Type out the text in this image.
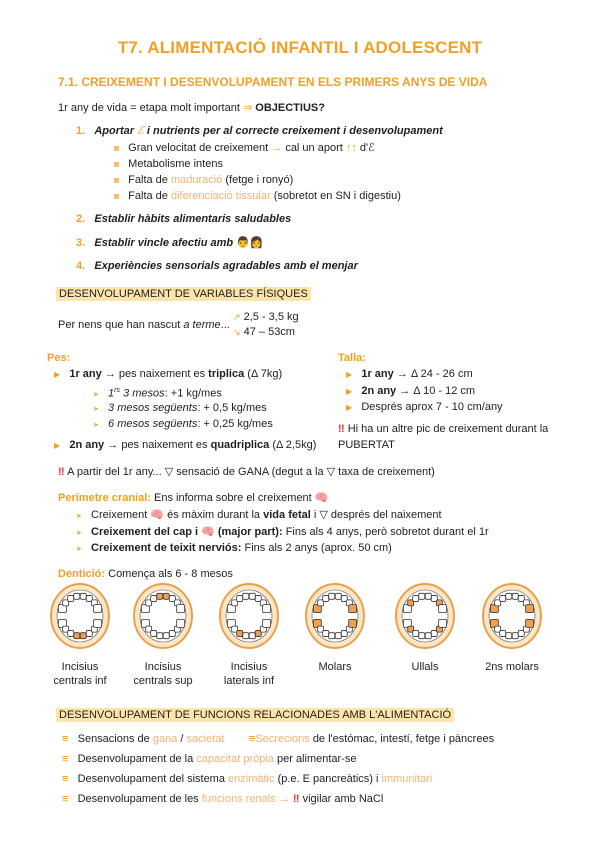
T7. ALIMENTACIÓ INFANTIL I ADOLESCENT
7.1. CREIXEMENT I DESENVOLUPAMENT EN ELS PRIMERS ANYS DE VIDA
1r any de vida = etapa molt important ⇒ OBJECTIUS?
1. Aportar ℰ i nutrients per al correcte creixement i desenvolupament
Gran velocitat de creixement → cal un aport ↑↑ d'ℰ
Metabolisme intens
Falta de maduració (fetge i ronyó)
Falta de diferenciació tissular (sobretot en SN i digestiu)
2. Establir hàbits alimentaris saludables
3. Establir vincle afectiu amb 👨👩
4. Experiències sensorials agradables amb el menjar
DESENVOLUPAMENT DE VARIABLES FÍSIQUES
Per nens que han nascut a terme...
↗ 2,5 - 3,5 kg
↘ 47 – 53cm
Pes:
▶ 1r any → pes naixement es triplica (Δ 7kg)
➤ $1^{rs}$ 3 mesos: +1 kg/mes
➤ 3 mesos següents: + 0,5 kg/mes
➤ 6 mesos següents: + 0,25 kg/mes
▶ 2n any → pes naixement es quadriplica (Δ 2,5kg)
Talla:
▶ 1r any → Δ 24 - 26 cm
▶ 2n any → Δ 10 - 12 cm
▶ Després aprox 7 - 10 cm/any
‼ Hi ha un altre pic de creixement durant la
PUBERTAT
‼ A partir del 1r any... ▽ sensació de GANA (degut a la ▽ taxa de creixement)
Perímetre cranial: Ens informa sobre el creixement 🧠
➤ Creixement 🧠 és màxim durant la vida fetal i ▽ després del naixement
➤ Creixement del cap i 🧠 (major part): Fins als 4 anys, però sobretot durant el 1r
➤ Creixement de teixit nerviós: Fins als 2 anys (aprox. 50 cm)
Dentició: Comença als 6 - 8 mesos
Incisius
centrals inf
Incisius
centrals sup
Incisius
laterals inf
Molars	Ullals	2ns molars
DESENVOLUPAMENT DE FUNCIONS RELACIONADES AMB L'ALIMENTACIÓ
⩳ Sensacions de gana / sacietat ⩳Secrecions de l'estómac, intestí, fetge i pàncrees
⩳ Desenvolupament de la capacitat pròpia per alimentar-se
⩳ Desenvolupament del sistema enzimàtic (p.e. E pancreàtics) i immunitari
⩳ Desenvolupament de les funcions renals → ‼ vigilar amb NaCl
